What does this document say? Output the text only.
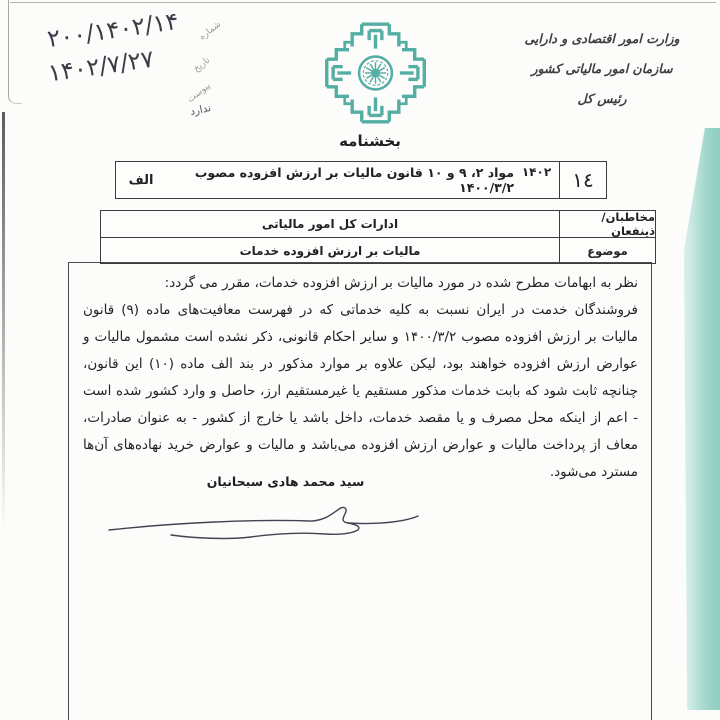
۲۰۰/۱۴۰۲/۱۴
۱۴۰۲/۷/۲۷
شماره
تاریخ
پیوست
ندارد
وزارت امور اقتصادی و دارایی
سازمان امور مالیاتی کشور
رئیس کل
بخشنامه
۱٤
۱۴۰۲
مواد ۲، ۹ و ۱۰ قانون مالیات بر ارزش افزوده مصوب ۱۴۰۰/۳/۲
الف
مخاطبان/ ذینفعان
ادارات کل امور مالیاتی
موضوع
مالیات بر ارزش افزوده خدمات
نظر به ابهامات مطرح شده در مورد مالیات بر ارزش افزوده خدمات، مقرر می گردد:
فروشندگان خدمت در ایران نسبت به کلیه خدماتی که در فهرست معافیت‌های ماده (۹) قانون مالیات بر ارزش افزوده مصوب ۱۴۰۰/۳/۲ و سایر احکام قانونی، ذکر نشده است مشمول مالیات و عوارض ارزش افزوده خواهند بود، لیکن علاوه بر موارد مذکور در بند الف ماده (۱۰) این قانون، چنانچه ثابت شود که بابت خدمات مذکور مستقیم یا غیرمستقیم ارز، حاصل و وارد کشور شده است - اعم از اینکه محل مصرف و یا مقصد خدمات، داخل باشد یا خارج از کشور - به عنوان صادرات، معاف از پرداخت مالیات و عوارض ارزش افزوده می‌باشد و مالیات و عوارض خرید نهاده‌های آن‌ها مسترد می‌شود.
سید محمد هادی سبحانیان
